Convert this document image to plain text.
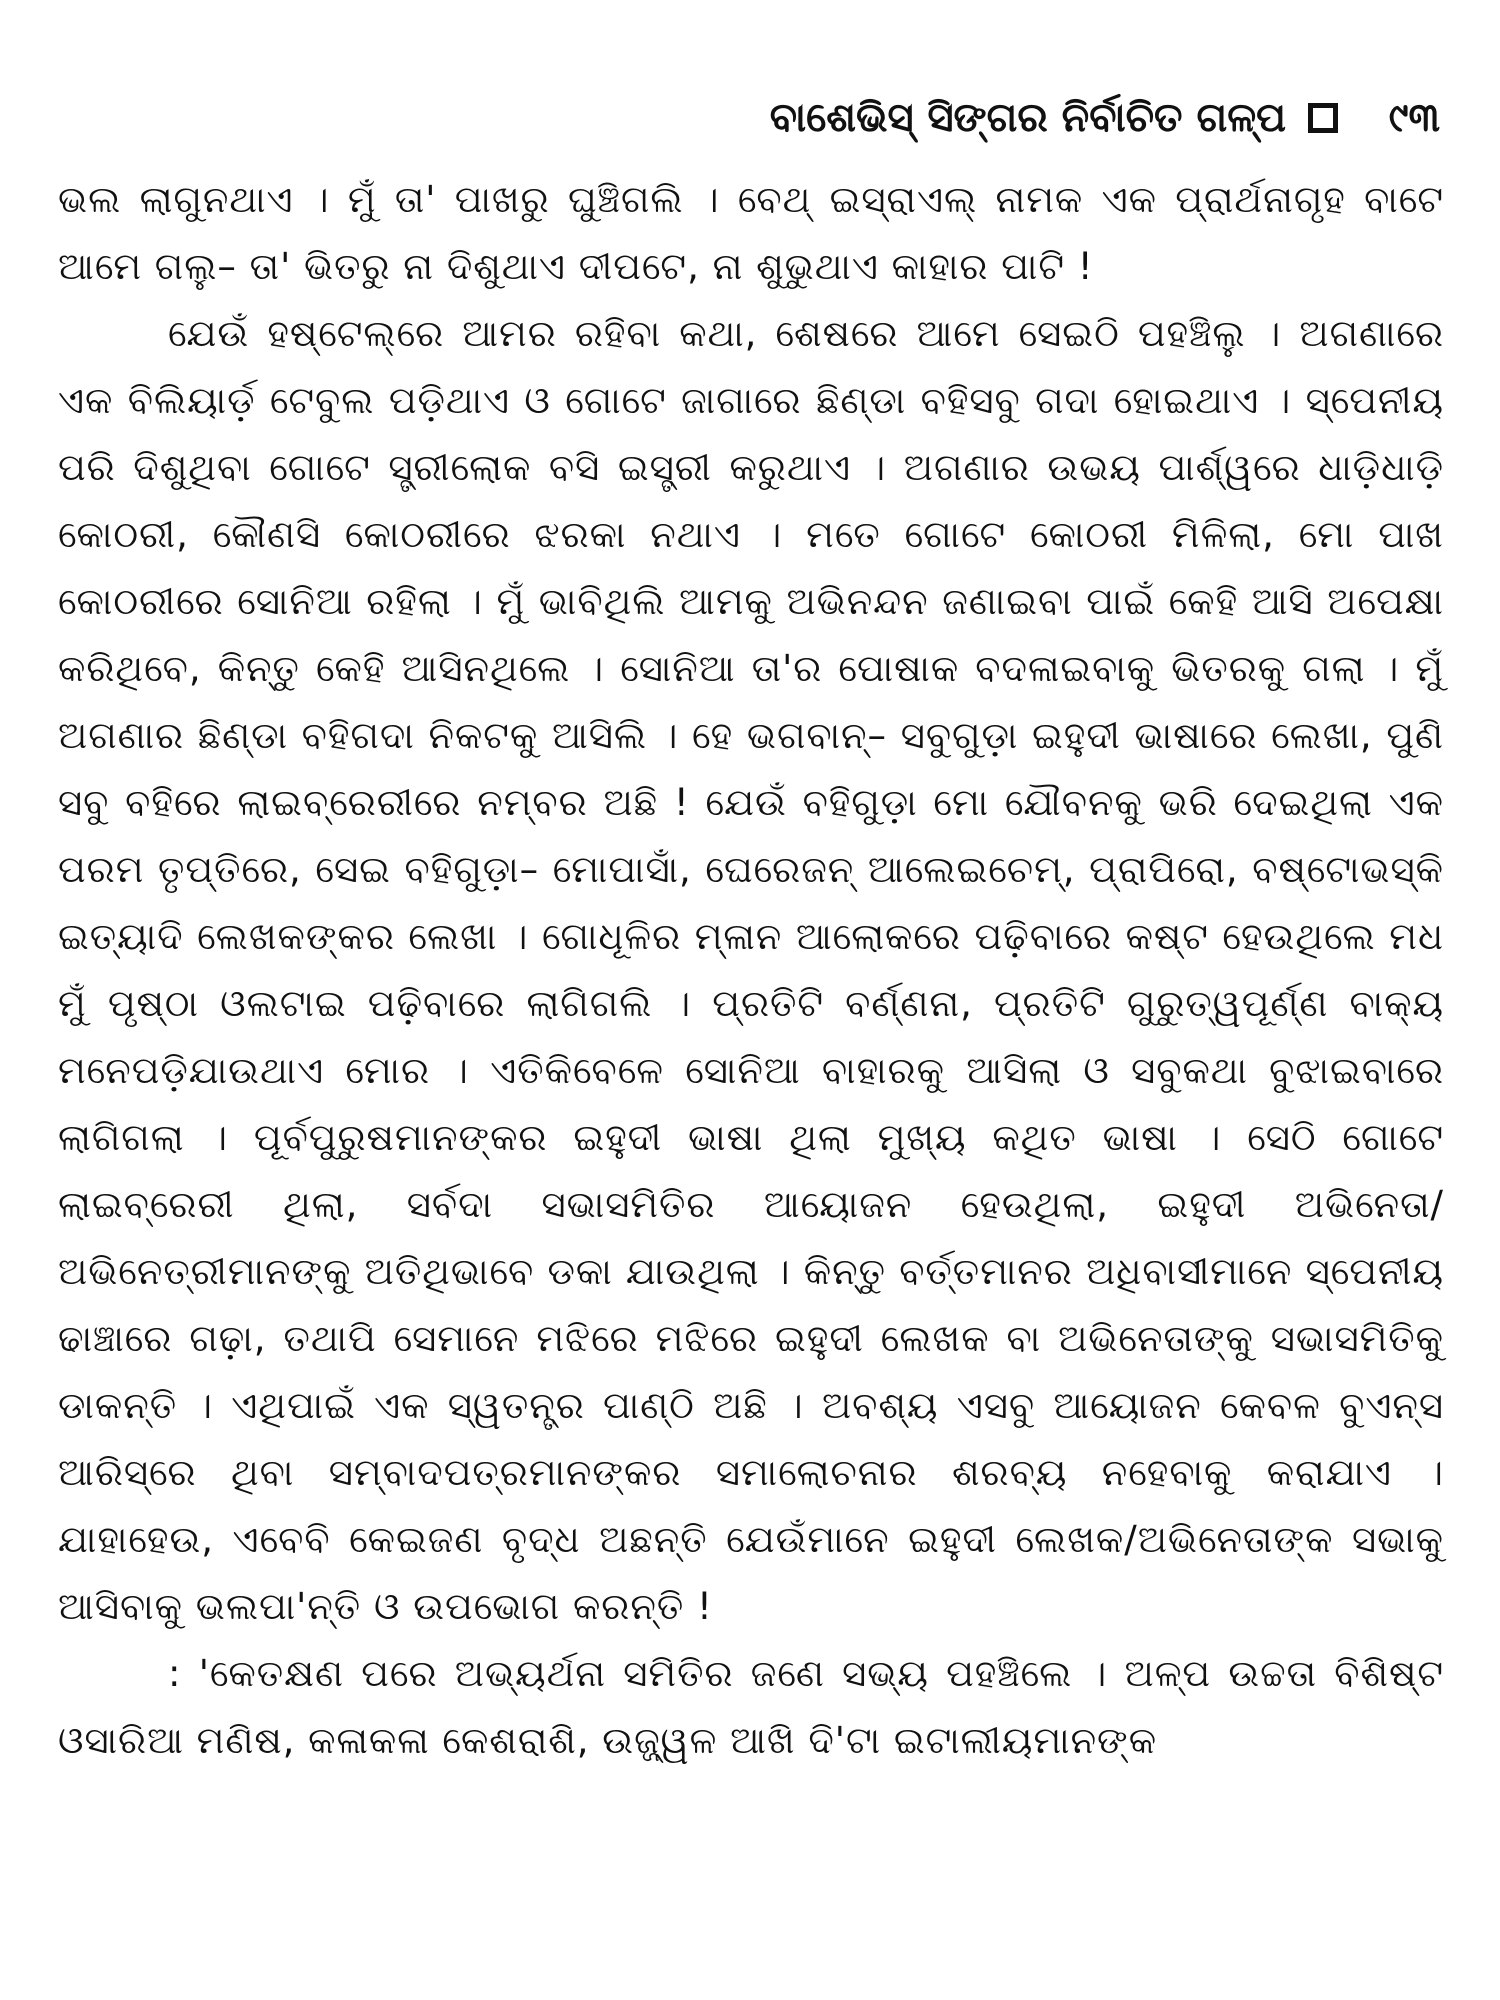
ବାଶେଭିସ୍ ସିଙ୍ଗର ନିର୍ବାଚିତ ଗଳ୍ପ	୯୩

ଭଲ ଲାଗୁନଥାଏ । ମୁଁ ତା' ପାଖରୁ ଘୁଞ୍ଚିଗଲି । ବେଥ୍ ଇସ୍ରାଏଲ୍ ନାମକ ଏକ ପ୍ରାର୍ଥନାଗୃହ ବାଟେ ଆମେ ଗଲୁ– ତା' ଭିତରୁ ନା ଦିଶୁଥାଏ ଦୀପଟେ, ନା ଶୁଭୁଥାଏ କାହାର ପାଟି !

ଯେଉଁ ହଷ୍ଟେଲ୍‌ରେ ଆମର ରହିବା କଥା, ଶେଷରେ ଆମେ ସେଇଠି ପହଞ୍ଚିଲୁ । ଅଗଣାରେ ଏକ ବିଲିୟାର୍ଡ଼ ଟେବୁଲ ପଡ଼ିଥାଏ ଓ ଗୋଟେ ଜାଗାରେ ଛିଣ୍ଡା ବହିସବୁ ଗଦା ହୋଇଥାଏ । ସ୍ପେନୀୟ ପରି ଦିଶୁଥିବା ଗୋଟେ ସ୍ତ୍ରୀଲୋକ ବସି ଇସ୍ତ୍ରୀ କରୁଥାଏ । ଅଗଣାର ଉଭୟ ପାର୍ଶ୍ୱରେ ଧାଡ଼ିଧାଡ଼ି କୋଠରୀ, କୌଣସି କୋଠରୀରେ ଝରକା ନଥାଏ । ମତେ ଗୋଟେ କୋଠରୀ ମିଳିଲା, ମୋ ପାଖ କୋଠରୀରେ ସୋନିଆ ରହିଲା । ମୁଁ ଭାବିଥିଲି ଆମକୁ ଅଭିନନ୍ଦନ ଜଣାଇବା ପାଇଁ କେହି ଆସି ଅପେକ୍ଷା କରିଥିବେ, କିନ୍ତୁ କେହି ଆସିନଥିଲେ । ସୋନିଆ ତା'ର ପୋଷାକ ବଦଳାଇବାକୁ ଭିତରକୁ ଗଲା । ମୁଁ ଅଗଣାର ଛିଣ୍ଡା ବହିଗଦା ନିକଟକୁ ଆସିଲି । ହେ ଭଗବାନ୍– ସବୁଗୁଡ଼ା ଇହୁଦୀ ଭାଷାରେ ଲେଖା, ପୁଣି ସବୁ ବହିରେ ଲାଇବ୍ରେରୀରେ ନମ୍ବର ଅଛି ! ଯେଉଁ ବହିଗୁଡ଼ା ମୋ ଯୌବନକୁ ଭରି ଦେଇଥିଲା ଏକ ପରମ ତୃପ୍ତିରେ, ସେଇ ବହିଗୁଡ଼ା– ମୋପାସାଁ, ଘେରେଜନ୍ ଆଲେଇଚେମ୍, ପ୍ରାପିରୋ, ବଷ୍ଟୋଭସ୍କି ଇତ୍ୟାଦି ଲେଖକଙ୍କର ଲେଖା । ଗୋଧୂଳିର ମ୍ଳାନ ଆଲୋକରେ ପଢ଼ିବାରେ କଷ୍ଟ ହେଉଥିଲେ ମଧ ମୁଁ ପୃଷ୍ଠା ଓଲଟାଇ ପଢ଼ିବାରେ ଲାଗିଗଲି । ପ୍ରତିଟି ବର୍ଣ୍ଣନା, ପ୍ରତିଟି ଗୁରୁତ୍ୱପୂର୍ଣ୍ଣ ବାକ୍ୟ ମନେପଡ଼ିଯାଉଥାଏ ମୋର । ଏତିକିବେଳେ ସୋନିଆ ବାହାରକୁ ଆସିଲା ଓ ସବୁକଥା ବୁଝାଇବାରେ ଲାଗିଗଲା । ପୂର୍ବପୁରୁଷମାନଙ୍କର ଇହୁଦୀ ଭାଷା ଥିଲା ମୁଖ୍ୟ କଥିତ ଭାଷା । ସେଠି ଗୋଟେ ଲାଇବ୍ରେରୀ ଥିଲା, ସର୍ବଦା ସଭାସମିତିର ଆୟୋଜନ ହେଉଥିଲା, ଇହୁଦୀ ଅଭିନେତା/ଅଭିନେତ୍ରୀମାନଙ୍କୁ ଅତିଥିଭାବେ ଡକା ଯାଉଥିଲା । କିନ୍ତୁ ବର୍ତ୍ତମାନର ଅଧିବାସୀମାନେ ସ୍ପେନୀୟ ଢାଞ୍ଚାରେ ଗଢ଼ା, ତଥାପି ସେମାନେ ମଝିରେ ମଝିରେ ଇହୁଦୀ ଲେଖକ ବା ଅଭିନେତାଙ୍କୁ ସଭାସମିତିକୁ ଡାକନ୍ତି । ଏଥିପାଇଁ ଏକ ସ୍ୱତନ୍ତ୍ର ପାଣ୍ଠି ଅଛି । ଅବଶ୍ୟ ଏସବୁ ଆୟୋଜନ କେବଳ ବୁଏନ୍‌ସ ଆରିସ୍‌ରେ ଥିବା ସମ୍ବାଦପତ୍ରମାନଙ୍କର ସମାଲୋଚନାର ଶରବ୍ୟ ନହେବାକୁ କରାଯାଏ । ଯାହାହେଉ, ଏବେବି କେଇଜଣ ବୃଦ୍ଧ ଅଛନ୍ତି ଯେଉଁମାନେ ଇହୁଦୀ ଲେଖକ/ଅଭିନେତାଙ୍କ ସଭାକୁ ଆସିବାକୁ ଭଲପା'ନ୍ତି ଓ ଉପଭୋଗ କରନ୍ତି !

: 'କେତକ୍ଷଣ ପରେ ଅଭ୍ୟର୍ଥନା ସମିତିର ଜଣେ ସଭ୍ୟ ପହଞ୍ଚିଲେ । ଅଳ୍ପ ଉଚ୍ଚତା ବିଶିଷ୍ଟ ଓସାରିଆ ମଣିଷ, କଳାକଳା କେଶରାଶି, ଉଜ୍ଜ୍ୱଳ ଆଖି ଦି'ଟା ଇଟାଲୀୟମାନଙ୍କ
